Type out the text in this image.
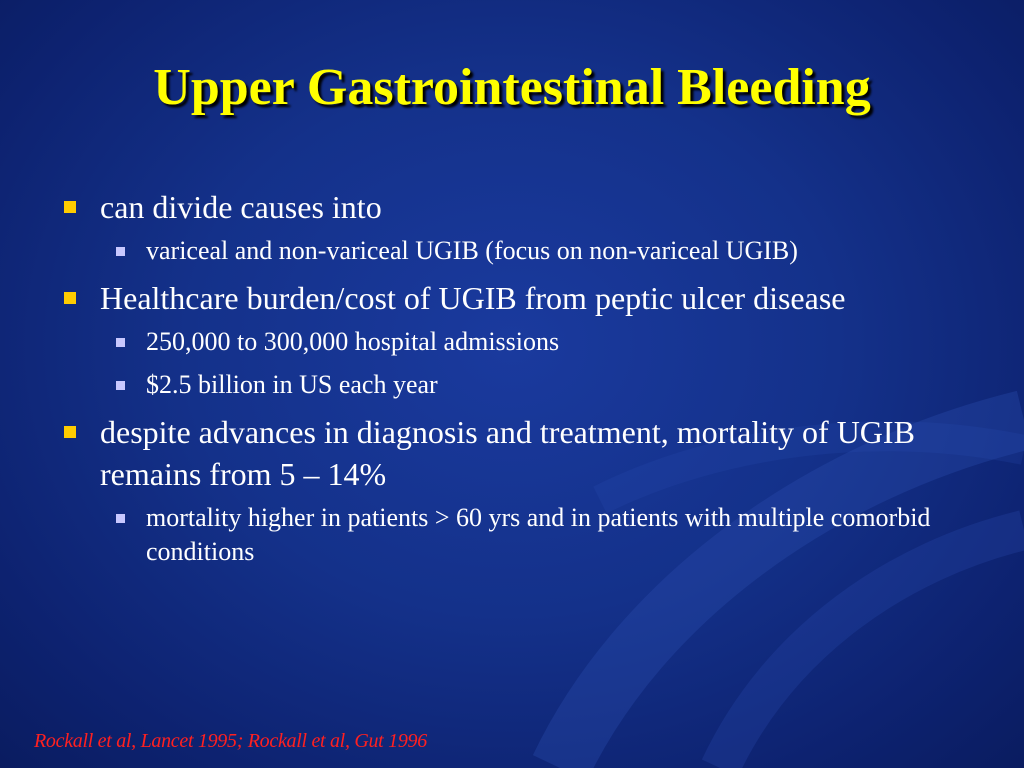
Upper Gastrointestinal Bleeding
can divide causes into
variceal and non-variceal UGIB (focus on non-variceal UGIB)
Healthcare burden/cost of UGIB from peptic ulcer disease
250,000 to 300,000 hospital admissions
$2.5 billion in US each year
despite advances in diagnosis and treatment, mortality of UGIB remains from 5 – 14%
mortality higher in patients > 60 yrs and in patients with multiple comorbid conditions
Rockall et al, Lancet 1995; Rockall et al, Gut 1996
